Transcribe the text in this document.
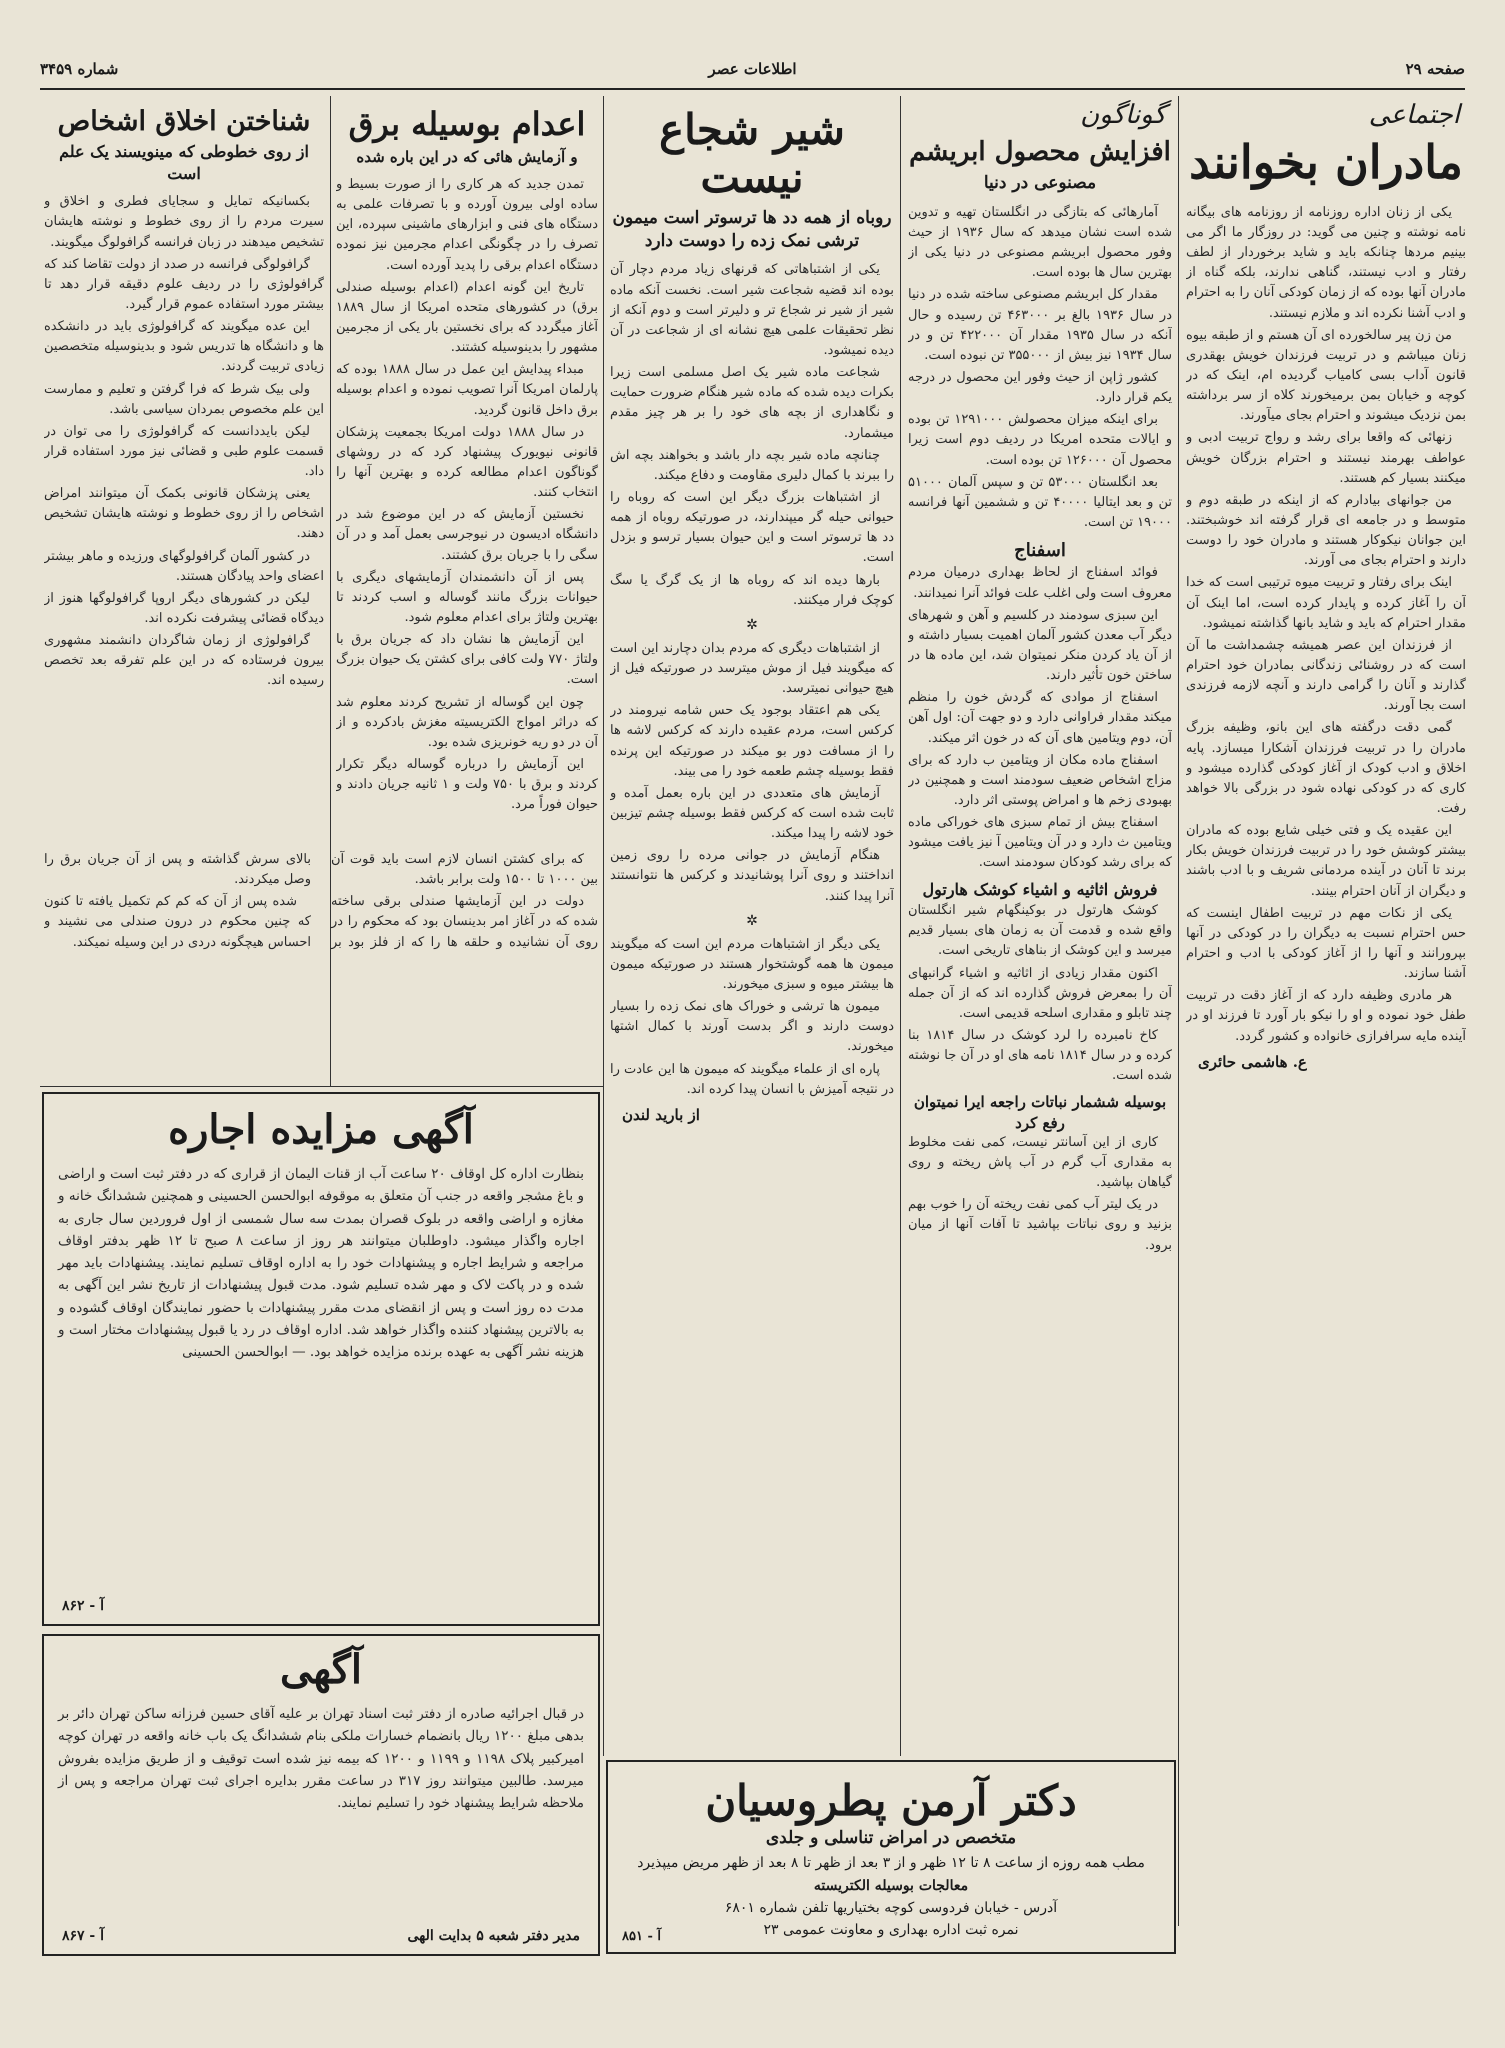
صفحه ۲۹
اطلاعات عصر
شماره ۳۴۵۹
اجتماعی
مادران بخوانند

یکی از زنان اداره روزنامه از روزنامه های بیگانه نامه نوشته و چنین می گوید: در روزگار ما اگر می بینیم مردها چنانکه باید و شاید برخوردار از لطف رفتار و ادب نیستند، گناهی ندارند، بلکه گناه از مادران آنها بوده که از زمان کودکی آنان را به احترام و ادب آشنا نکرده اند و ملازم نیستند.

من زن پیر سالخورده ای آن هستم و از طبقه بیوه زنان میباشم و در تربیت فرزندان خویش بهقدری قانون آداب بسی کامیاب گردیده ام، اینک که در کوچه و خیابان بمن برمیخورند کلاه از سر برداشته بمن نزدیک میشوند و احترام بجای میآورند.

زنهائی که واقعا برای رشد و رواج تربیت ادبی و عواطف بهرمند نیستند و احترام بزرگان خویش میکنند بسیار کم هستند.

من جوانهای بیادارم که از اینکه در طبقه دوم و متوسط و در جامعه ای قرار گرفته اند خوشبختند. این جوانان نیکوکار هستند و مادران خود را دوست دارند و احترام بجای می آورند.

اینک برای رفتار و تربیت میوه ترتیبی است که خدا آن را آغاز کرده و پایدار کرده است، اما اینک آن مقدار احترام که باید و شاید بانها گذاشته نمیشود.

از فرزندان این عصر همیشه چشمداشت ما آن است که در روشنائی زندگانی بمادران خود احترام گذارند و آنان را گرامی دارند و آنچه لازمه فرزندی است بجا آورند.

گمی دقت درگفته های این بانو، وظیفه بزرگ مادران را در تربیت فرزندان آشکارا میسازد. پایه اخلاق و ادب کودک از آغاز کودکی گذارده میشود و کاری که در کودکی نهاده شود در بزرگی بالا خواهد رفت.

این عقیده یک و فتی خیلی شایع بوده که مادران بیشتر کوشش خود را در تربیت فرزندان خویش بکار برند تا آنان در آینده مردمانی شریف و با ادب باشند و دیگران از آنان احترام بینند.

یکی از نکات مهم در تربیت اطفال اینست که حس احترام نسبت به دیگران را در کودکی در آنها بپرورانند و آنها را از آغاز کودکی با ادب و احترام آشنا سازند.

هر مادری وظیفه دارد که از آغاز دقت در تربیت طفل خود نموده و او را نیکو بار آورد تا فرزند او در آینده مایه سرافرازی خانواده و کشور گردد.

ع. هاشمی حائری
گوناگون
افزایش محصول ابریشم
مصنوعی در دنیا

آمارهائی که بتازگی در انگلستان تهیه و تدوین شده است نشان میدهد که سال ۱۹۳۶ از حیث وفور محصول ابریشم مصنوعی در دنیا یکی از بهترین سال ها بوده است.

مقدار کل ابریشم مصنوعی ساخته شده در دنیا در سال ۱۹۳۶ بالغ بر ۴۶۳۰۰۰ تن رسیده و حال آنکه در سال ۱۹۳۵ مقدار آن ۴۲۲۰۰۰ تن و در سال ۱۹۳۴ نیز بیش از ۳۵۵۰۰۰ تن نبوده است.

کشور ژاپن از حیث وفور این محصول در درجه یکم قرار دارد.

برای اینکه میزان محصولش ۱۲۹۱۰۰۰ تن بوده و ایالات متحده امریکا در ردیف دوم است زیرا محصول آن ۱۲۶۰۰۰ تن بوده است.

بعد انگلستان ۵۳۰۰۰ تن و سپس آلمان ۵۱۰۰۰ تن و بعد ایتالیا ۴۰۰۰۰ تن و ششمین آنها فرانسه ۱۹۰۰۰ تن است.

اسفناج

فوائد اسفناج از لحاظ بهداری درمیان مردم معروف است ولی اغلب علت فوائد آنرا نمیدانند.

این سبزی سودمند در کلسیم و آهن و شهرهای دیگر آب معدن کشور آلمان اهمیت بسیار داشته و از آن یاد کردن منکر نمیتوان شد، این ماده ها در ساختن خون تأثیر دارند.

اسفناج از موادی که گردش خون را منظم میکند مقدار فراوانی دارد و دو جهت آن: اول آهن آن، دوم ویتامین های آن که در خون اثر میکند.

اسفناج ماده مکان از ویتامین ب دارد که برای مزاج اشخاص ضعیف سودمند است و همچنین در بهبودی زخم ها و امراض پوستی اثر دارد.

اسفناج بیش از تمام سبزی های خوراکی ماده ویتامین ث دارد و در آن ویتامین آ نیز یافت میشود که برای رشد کودکان سودمند است.

فروش اثاثیه و اشیاء کوشک هارتول

کوشک هارتول در بوکینگهام شیر انگلستان واقع شده و قدمت آن به زمان های بسیار قدیم میرسد و این کوشک از بناهای تاریخی است.

اکنون مقدار زیادی از اثاثیه و اشیاء گرانبهای آن را بمعرض فروش گذارده اند که از آن جمله چند تابلو و مقداری اسلحه قدیمی است.

کاخ نامبرده را لرد کوشک در سال ۱۸۱۴ بنا کرده و در سال ۱۸۱۴ نامه های او در آن جا نوشته شده است.

بوسیله ششمار نباتات راجعه ایرا نمیتوان رفع کرد

کاری از این آسانتر نیست، کمی نفت مخلوط به مقداری آب گرم در آب پاش ریخته و روی گیاهان بپاشید.

در یک لیتر آب کمی نفت ریخته آن را خوب بهم بزنید و روی نباتات بپاشید تا آفات آنها از میان برود.

شیر شجاع نیست
روباه از همه دد ها ترسوتر است میمون ترشی نمک زده را دوست دارد

یکی از اشتباهاتی که قرنهای زیاد مردم دچار آن بوده اند قضیه شجاعت شیر است. نخست آنکه ماده شیر از شیر نر شجاع تر و دلیرتر است و دوم آنکه از نظر تحقیقات علمی هیچ نشانه ای از شجاعت در آن دیده نمیشود.

شجاعت ماده شیر یک اصل مسلمی است زیرا بکرات دیده شده که ماده شیر هنگام ضرورت حمایت و نگاهداری از بچه های خود را بر هر چیز مقدم میشمارد.

چنانچه ماده شیر بچه دار باشد و بخواهند بچه اش را ببرند با کمال دلیری مقاومت و دفاع میکند.

از اشتباهات بزرگ دیگر این است که روباه را حیوانی حیله گر میپندارند، در صورتیکه روباه از همه دد ها ترسوتر است و این حیوان بسیار ترسو و بزدل است.

بارها دیده اند که روباه ها از یک گرگ یا سگ کوچک فرار میکنند.

✲

از اشتباهات دیگری که مردم بدان دچارند این است که میگویند فیل از موش میترسد در صورتیکه فیل از هیچ حیوانی نمیترسد.

یکی هم اعتقاد بوجود یک حس شامه نیرومند در کرکس است، مردم عقیده دارند که کرکس لاشه ها را از مسافت دور بو میکند در صورتیکه این پرنده فقط بوسیله چشم طعمه خود را می بیند.

آزمایش های متعددی در این باره بعمل آمده و ثابت شده است که کرکس فقط بوسیله چشم تیزبین خود لاشه را پیدا میکند.

هنگام آزمایش در جوانی مرده را روی زمین انداختند و روی آنرا پوشانیدند و کرکس ها نتوانستند آنرا پیدا کنند.

✲

یکی دیگر از اشتباهات مردم این است که میگویند میمون ها همه گوشتخوار هستند در صورتیکه میمون ها بیشتر میوه و سبزی میخورند.

میمون ها ترشی و خوراک های نمک زده را بسیار دوست دارند و اگر بدست آورند با کمال اشتها میخورند.

پاره ای از علماء میگویند که میمون ها این عادت را در نتیجه آمیزش با انسان پیدا کرده اند.

از بارید لندن
اعدام بوسیله برق
و آزمایش هائی که در این باره شده

تمدن جدید که هر کاری را از صورت بسیط و ساده اولی بیرون آورده و با تصرفات علمی به دستگاه های فنی و ابزارهای ماشینی سپرده، این تصرف را در چگونگی اعدام مجرمین نیز نموده دستگاه اعدام برقی را پدید آورده است.

تاریخ این گونه اعدام (اعدام بوسیله صندلی برق) در کشورهای متحده امریکا از سال ۱۸۸۹ آغاز میگردد که برای نخستین بار یکی از مجرمین مشهور را بدینوسیله کشتند.

مبداء پیدایش این عمل در سال ۱۸۸۸ بوده که پارلمان امریکا آنرا تصویب نموده و اعدام بوسیله برق داخل قانون گردید.

در سال ۱۸۸۸ دولت امریکا بجمعیت پزشکان قانونی نیویورک پیشنهاد کرد که در روشهای گوناگون اعدام مطالعه کرده و بهترین آنها را انتخاب کنند.

نخستین آزمایش که در این موضوع شد در دانشگاه ادیسون در نیوجرسی بعمل آمد و در آن سگی را با جریان برق کشتند.

پس از آن دانشمندان آزمایشهای دیگری با حیوانات بزرگ مانند گوساله و اسب کردند تا بهترین ولتاژ برای اعدام معلوم شود.

این آزمایش ها نشان داد که جریان برق با ولتاژ ۷۷۰ ولت کافی برای کشتن یک حیوان بزرگ است.

چون این گوساله از تشریح کردند معلوم شد که دراثر امواج الکتریسیته مغزش بادکرده و از آن در دو ریه خونریزی شده بود.

این آزمایش را درباره گوساله دیگر تکرار کردند و برق با ۷۵۰ ولت و ۱ ثانیه جریان دادند و حیوان فوراً مرد.

شناختن اخلاق اشخاص
از روی خطوطی که مینویسند یک علم است

بکسانیکه تمایل و سجایای فطری و اخلاق و سیرت مردم را از روی خطوط و نوشته هایشان تشخیص میدهند در زبان فرانسه گرافولوگ میگویند.

گرافولوگی فرانسه در صدد از دولت تقاضا کند که گرافولوژی را در ردیف علوم دقیقه قرار دهد تا بیشتر مورد استفاده عموم قرار گیرد.

این عده میگویند که گرافولوژی باید در دانشکده ها و دانشگاه ها تدریس شود و بدینوسیله متخصصین زیادی تربیت گردند.

ولی بیک شرط که فرا گرفتن و تعلیم و ممارست این علم مخصوص بمردان سیاسی باشد.

لیکن بایددانست که گرافولوژی را می توان در قسمت علوم طبی و قضائی نیز مورد استفاده قرار داد.

یعنی پزشکان قانونی بکمک آن میتوانند امراض اشخاص را از روی خطوط و نوشته هایشان تشخیص دهند.

در کشور آلمان گرافولوگهای ورزیده و ماهر بیشتر اعضای واحد پیادگان هستند.

لیکن در کشورهای دیگر اروپا گرافولوگها هنوز از دیدگاه قضائی پیشرفت نکرده اند.

گرافولوژی از زمان شاگردان دانشمند مشهوری بیرون فرستاده که در این علم تفرقه بعد تخصص رسیده اند.

که برای کشتن انسان لازم است باید قوت آن بین ۱۰۰۰ تا ۱۵۰۰ ولت برابر باشد.

دولت در این آزمایشها صندلی برقی ساخته شده که در آغاز امر بدینسان بود که محکوم را در روی آن نشانیده و حلقه ها را که از فلز بود بر بالای سرش گذاشته و پس از آن جریان برق را وصل میکردند.

شده پس از آن که کم کم تکمیل یافته تا کنون که چنین محکوم در درون صندلی می نشیند و احساس هیچگونه دردی در این وسیله نمیکند.

آگهی مزایده اجاره
بنظارت اداره کل اوقاف ۲۰ ساعت آب از قنات الیمان از قراری که در دفتر ثبت است و اراضی و باغ مشجر واقعه در جنب آن متعلق به موقوفه ابوالحسن الحسینی و همچنین ششدانگ خانه و مغازه و اراضی واقعه در بلوک قصران بمدت سه سال شمسی از اول فروردین سال جاری به اجاره واگذار میشود. داوطلبان میتوانند هر روز از ساعت ۸ صبح تا ۱۲ ظهر بدفتر اوقاف مراجعه و شرایط اجاره و پیشنهادات خود را به اداره اوقاف تسلیم نمایند. پیشنهادات باید مهر شده و در پاکت لاک و مهر شده تسلیم شود. مدت قبول پیشنهادات از تاریخ نشر این آگهی به مدت ده روز است و پس از انقضای مدت مقرر پیشنهادات با حضور نمایندگان اوقاف گشوده و به بالاترین پیشنهاد کننده واگذار خواهد شد. اداره اوقاف در رد یا قبول پیشنهادات مختار است و هزینه نشر آگهی به عهده برنده مزایده خواهد بود. — ابوالحسن الحسینی
آ - ۸۶۲
آگهی
در قبال اجرائیه صادره از دفتر ثبت اسناد تهران بر علیه آقای حسین فرزانه ساکن تهران دائر بر بدهی مبلغ ۱۲۰۰ ریال بانضمام خسارات ملکی بنام ششدانگ یک باب خانه واقعه در تهران کوچه امیرکبیر پلاک ۱۱۹۸ و ۱۱۹۹ و ۱۲۰۰ که بیمه نیز شده است توقیف و از طریق مزایده بفروش میرسد. طالبین میتوانند روز ۳۱۷ در ساعت مقرر بدایره اجرای ثبت تهران مراجعه و پس از ملاحظه شرایط پیشنهاد خود را تسلیم نمایند.
مدیر دفتر شعبه ۵ بدایت الهی
آ - ۸۶۷
دکتر آرمن پطروسیان
متخصص در امراض تناسلی و جلدی
مطب همه روزه از ساعت ۸ تا ۱۲ ظهر و از ۳ بعد از ظهر تا ۸ بعد از ظهر مریض میپذیرد
معالجات بوسیله الکتریسته
آدرس - خیابان فردوسی کوچه بختیاریها تلفن شماره ۶۸۰۱
نمره ثبت اداره بهداری و معاونت عمومی ۲۳
آ - ۸۵۱
